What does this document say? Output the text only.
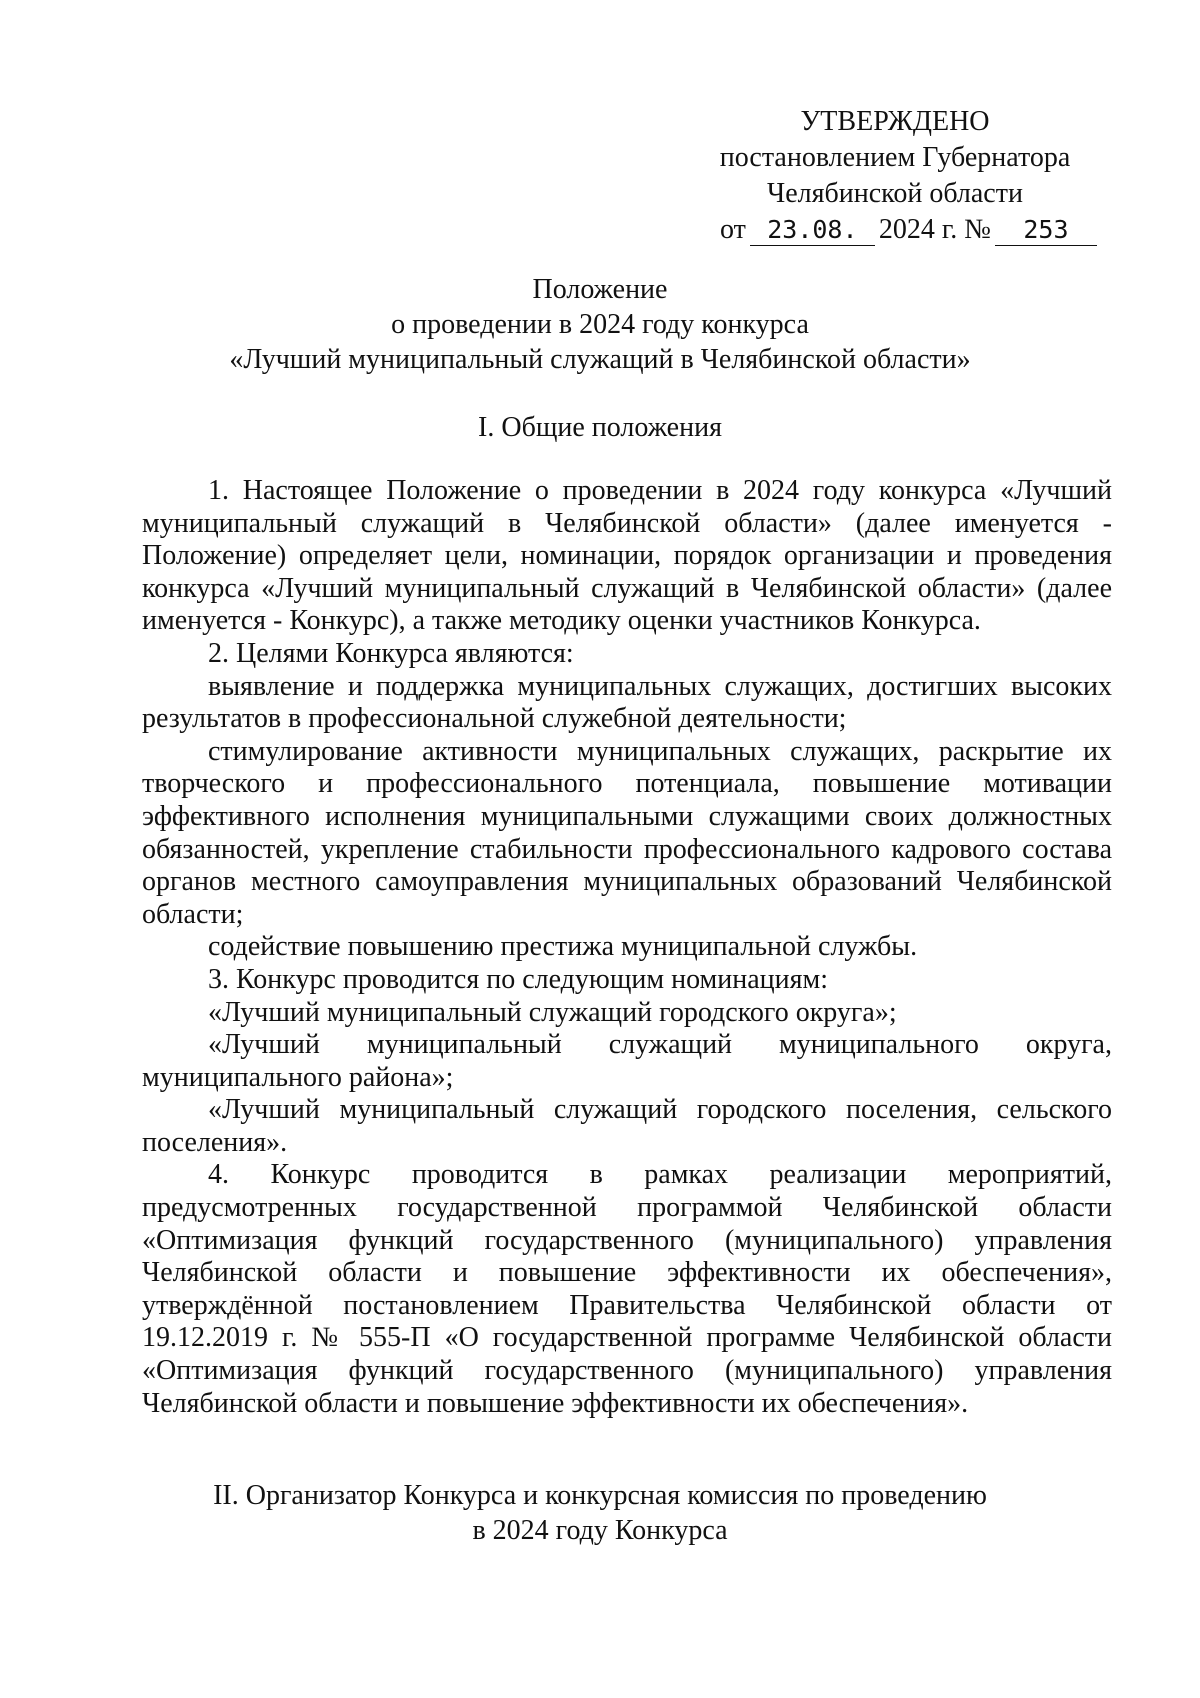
УТВЕРЖДЕНО
постановлением Губернатора
Челябинской области
от 23.08. 2024 г. № 253
Положение
о проведении в 2024 году конкурса
«Лучший муниципальный служащий в Челябинской области»
I. Общие положения

1. Настоящее Положение о проведении в 2024 году конкурса «Лучший муниципальный служащий в Челябинской области» (далее именуется - Положение) определяет цели, номинации, порядок организации и проведения конкурса «Лучший муниципальный служащий в Челябинской области» (далее именуется - Конкурс), а также методику оценки участников Конкурса.

2. Целями Конкурса являются:

выявление и поддержка муниципальных служащих, достигших высоких результатов в профессиональной служебной деятельности;

стимулирование активности муниципальных служащих, раскрытие их творческого и профессионального потенциала, повышение мотивации эффективного исполнения муниципальными служащими своих должностных обязанностей, укрепление стабильности профессионального кадрового состава органов местного самоуправления муниципальных образований Челябинской области;

содействие повышению престижа муниципальной службы.

3. Конкурс проводится по следующим номинациям:

«Лучший муниципальный служащий городского округа»;

«Лучший муниципальный служащий муниципального округа, муниципального района»;

«Лучший муниципальный служащий городского поселения, сельского поселения».

4. Конкурс проводится в рамках реализации мероприятий, предусмотренных государственной программой Челябинской области «Оптимизация функций государственного (муниципального) управления Челябинской области и повышение эффективности их обеспечения», утверждённой постановлением Правительства Челябинской области от 19.12.2019 г. № 555-П «О государственной программе Челябинской области «Оптимизация функций государственного (муниципального) управления Челябинской области и повышение эффективности их обеспечения».

II. Организатор Конкурса и конкурсная комиссия по проведению
в 2024 году Конкурса
